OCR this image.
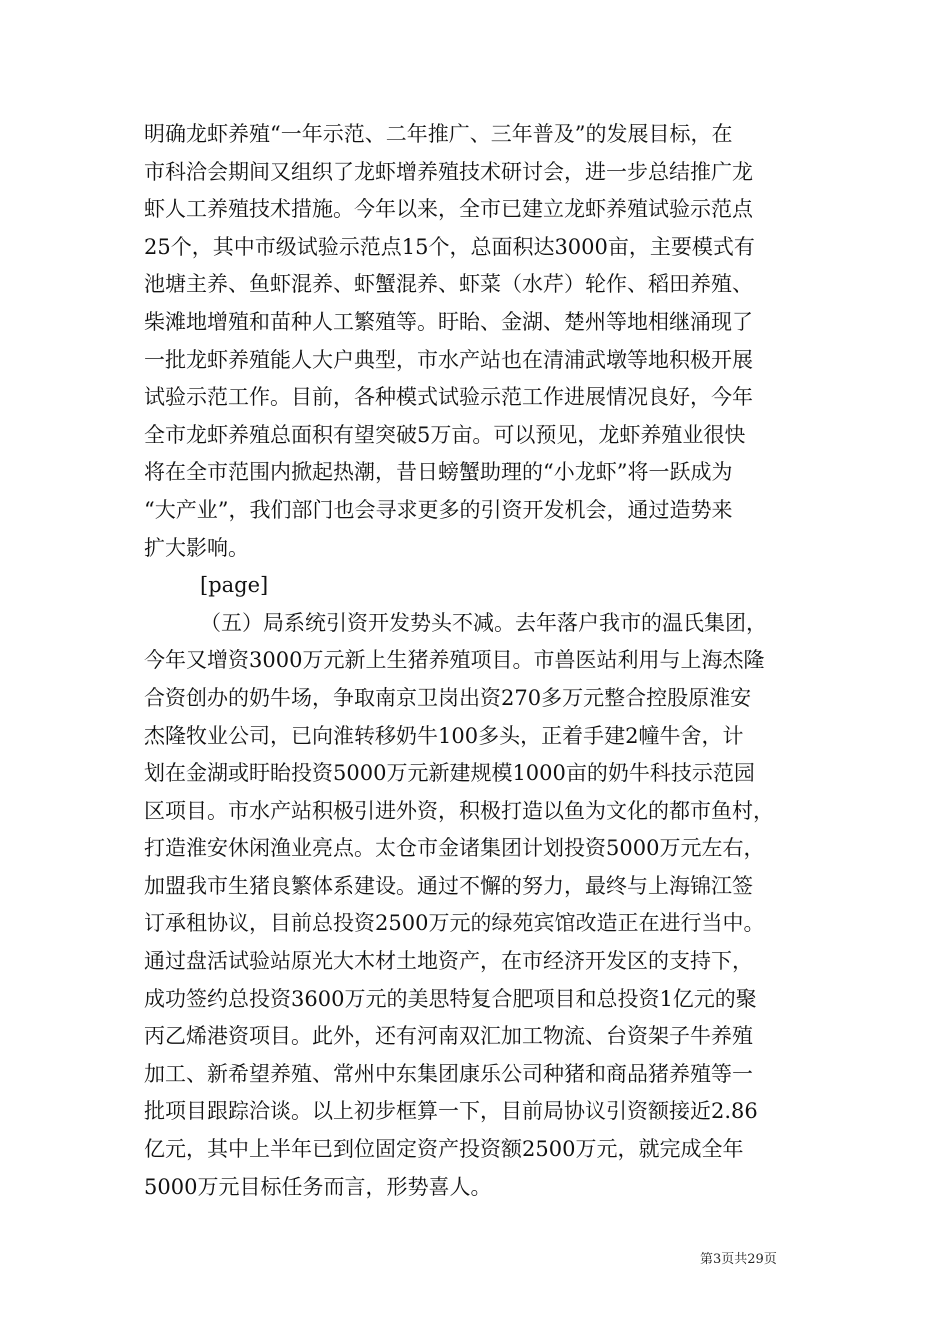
明确龙虾养殖“一年示范、二年推广、三年普及”的发展目标，在
市科洽会期间又组织了龙虾增养殖技术研讨会，进一步总结推广龙
虾人工养殖技术措施。今年以来，全市已建立龙虾养殖试验示范点
25个，其中市级试验示范点15个，总面积达3000亩，主要模式有
池塘主养、鱼虾混养、虾蟹混养、虾菜（水芹）轮作、稻田养殖、
柴滩地增殖和苗种人工繁殖等。盱眙、金湖、楚州等地相继涌现了
一批龙虾养殖能人大户典型，市水产站也在清浦武墩等地积极开展
试验示范工作。目前，各种模式试验示范工作进展情况良好，今年
全市龙虾养殖总面积有望突破5万亩。可以预见，龙虾养殖业很快
将在全市范围内掀起热潮，昔日螃蟹助理的“小龙虾”将一跃成为
“大产业”，我们部门也会寻求更多的引资开发机会，通过造势来
扩大影响。
[page]
（五）局系统引资开发势头不减。去年落户我市的温氏集团，
今年又增资3000万元新上生猪养殖项目。市兽医站利用与上海杰隆
合资创办的奶牛场，争取南京卫岗出资270多万元整合控股原淮安
杰隆牧业公司，已向淮转移奶牛100多头，正着手建2幢牛舍，计
划在金湖或盱眙投资5000万元新建规模1000亩的奶牛科技示范园
区项目。市水产站积极引进外资，积极打造以鱼为文化的都市鱼村，
打造淮安休闲渔业亮点。太仓市金诸集团计划投资5000万元左右，
加盟我市生猪良繁体系建设。通过不懈的努力，最终与上海锦江签
订承租协议，目前总投资2500万元的绿苑宾馆改造正在进行当中。
通过盘活试验站原光大木材土地资产，在市经济开发区的支持下，
成功签约总投资3600万元的美思特复合肥项目和总投资1亿元的聚
丙乙烯港资项目。此外，还有河南双汇加工物流、台资架子牛养殖
加工、新希望养殖、常州中东集团康乐公司种猪和商品猪养殖等一
批项目跟踪洽谈。以上初步框算一下，目前局协议引资额接近2.86
亿元，其中上半年已到位固定资产投资额2500万元，就完成全年
5000万元目标任务而言，形势喜人。
第3页共29页
